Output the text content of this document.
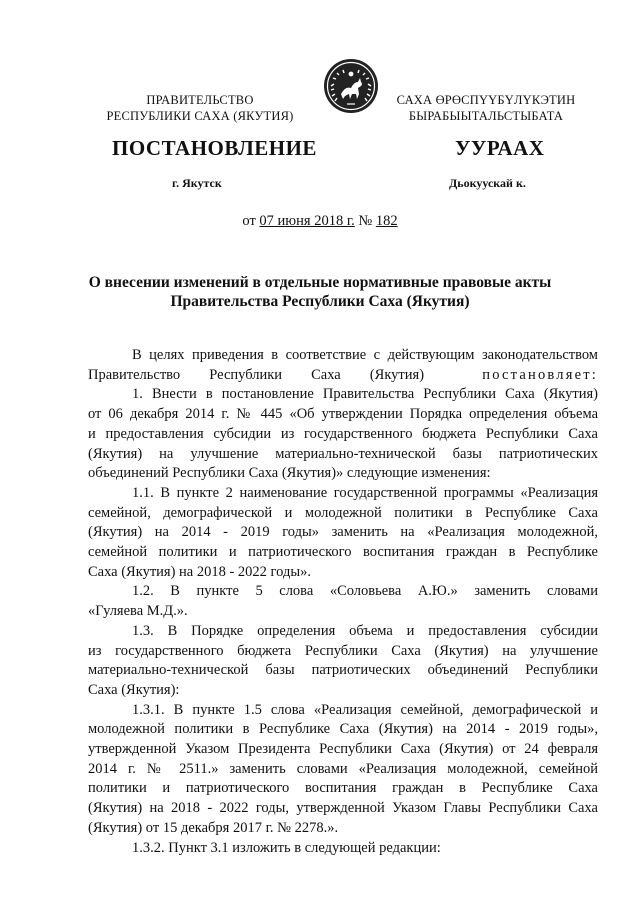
ПРАВИТЕЛЬСТВО
РЕСПУБЛИКИ САХА (ЯКУТИЯ)
САХА ӨРӨСПҮҮБҮЛҮКЭТИН
БЫРАБЫЫТАЛЬСТЫБАТА
ПОСТАНОВЛЕНИЕ	УУРААХ
г. Якутск	Дьокуускай к.
от 07 июня 2018 г. № 182
О внесении изменений в отдельные нормативные правовые акты
Правительства Республики Саха (Якутия)

В целях приведения в соответствие с действующим законодательством

Правительство Республики Саха (Якутия)	постановляет:

1. Внести в постановление Правительства Республики Саха (Якутия)

от 06 декабря 2014 г. № 445 «Об утверждении Порядка определения объема

и предоставления субсидии из государственного бюджета Республики Саха

(Якутия) на улучшение материально-технической базы патриотических

объединений Республики Саха (Якутия)» следующие изменения:

1.1. В пункте 2 наименование государственной программы «Реализация

семейной, демографической и молодежной политики в Республике Саха

(Якутия) на 2014 - 2019 годы» заменить на «Реализация молодежной,

семейной политики и патриотического воспитания граждан в Республике

Саха (Якутия) на 2018 - 2022 годы».

1.2. В пункте 5 слова «Соловьева А.Ю.» заменить словами

«Гуляева М.Д.».

1.3. В Порядке определения объема и предоставления субсидии

из государственного бюджета Республики Саха (Якутия) на улучшение

материально-технической базы патриотических объединений Республики

Саха (Якутия):

1.3.1. В пункте 1.5 слова «Реализация семейной, демографической и

молодежной политики в Республике Саха (Якутия) на 2014 - 2019 годы»,

утвержденной Указом Президента Республики Саха (Якутия) от 24 февраля

2014 г. № 2511.» заменить словами «Реализация молодежной, семейной

политики и патриотического воспитания граждан в Республике Саха

(Якутия) на 2018 - 2022 годы, утвержденной Указом Главы Республики Саха

(Якутия) от 15 декабря 2017 г. № 2278.».

1.3.2. Пункт 3.1 изложить в следующей редакции:
